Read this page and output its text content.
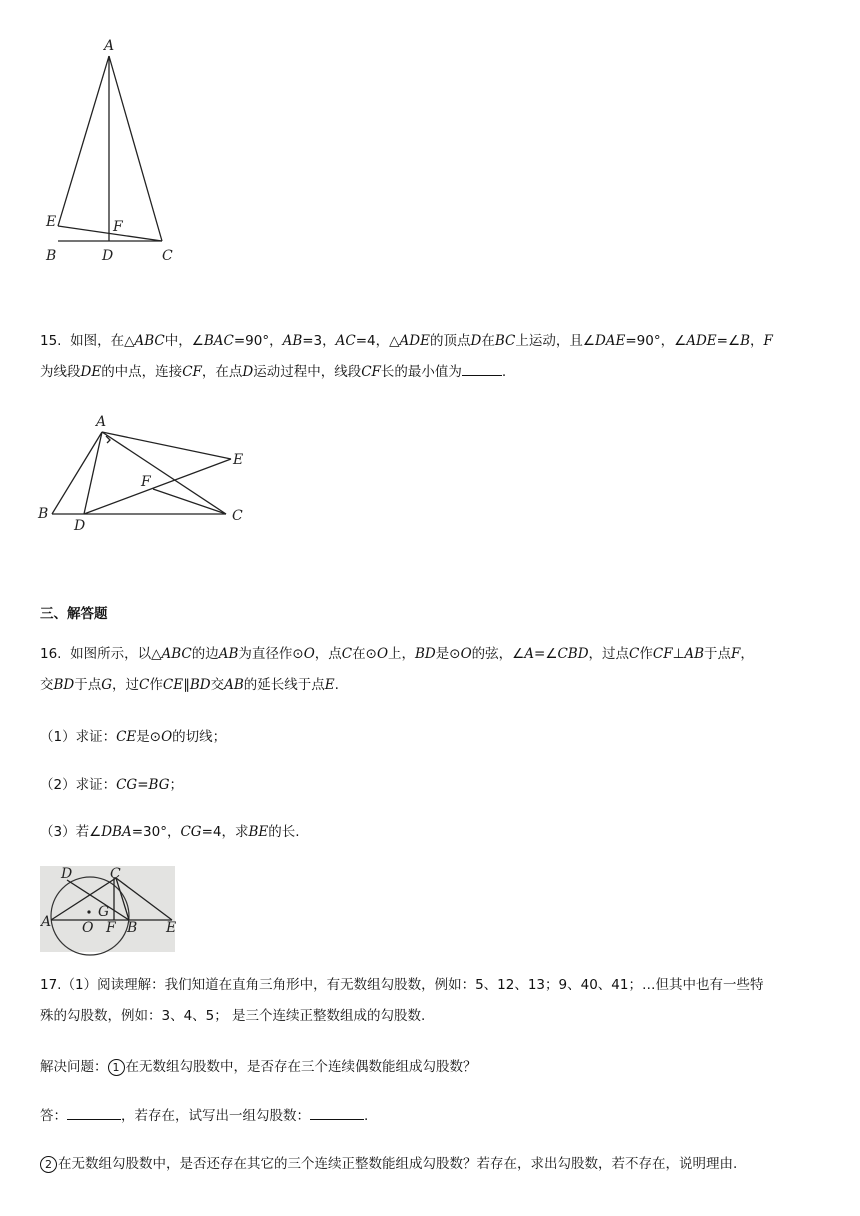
A
E	F
B	D	C
15. 如图，在△ABC中，∠BAC=90°，AB=3，AC=4，△ADE的顶点D在BC上运动，且∠DAE=90°，∠ADE=∠B，F
为线段DE的中点，连接CF，在点D运动过程中，线段CF长的最小值为	.
A
B
D
C
E
F
三、解答题
16. 如图所示，以△ABC的边AB为直径作⊙O，点C在⊙O上，BD是⊙O的弦，∠A=∠CBD，过点C作CF⊥AB于点F，
交BD于点G，过C作CE∥BD交AB的延长线于点E.
（1）求证：CE是⊙O的切线；
（2）求证：CG=BG；
（3）若∠DBA=30°，CG=4，求BE的长.
D	C
A
G
O F B E
17.（1）阅读理解：我们知道在直角三角形中，有无数组勾股数，例如：5、12、13；9、40、41；…但其中也有一些特
殊的勾股数，例如：3、4、5； 是三个连续正整数组成的勾股数.
解决问题： 1 在无数组勾股数中，是否存在三个连续偶数能组成勾股数？
答：	，若存在，试写出一组勾股数：	.
2 在无数组勾股数中，是否还存在其它的三个连续正整数能组成勾股数？若存在，求出勾股数，若不存在，说明理由.
